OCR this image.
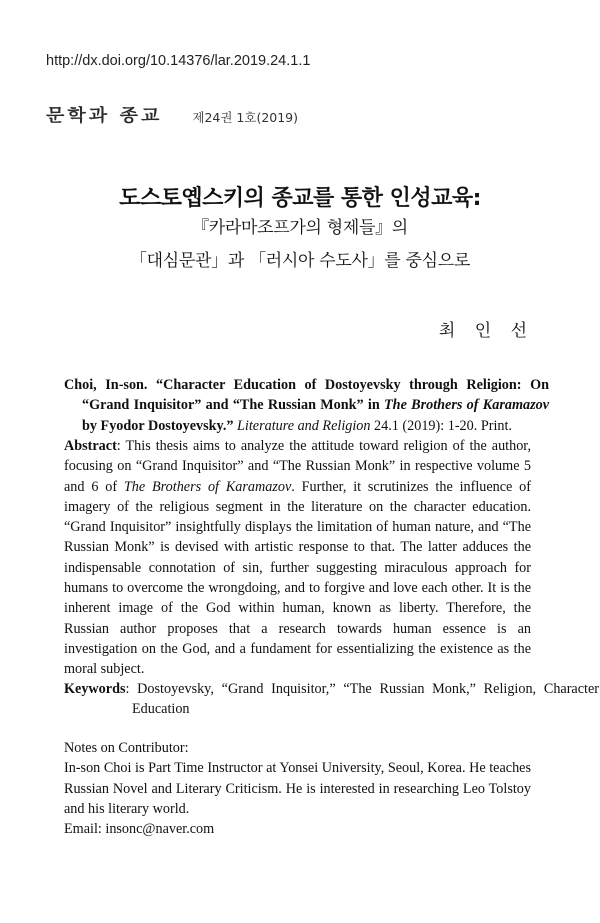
http://dx.doi.org/10.14376/lar.2019.24.1.1
문학과 종교 제24권 1호(2019)
도스토옙스키의 종교를 통한 인성교육:
『카라마조프가의 형제들』의
「대심문관」과 「러시아 수도사」를 중심으로
최 인 선
Choi, In-son. “Character Education of Dostoyevsky through Religion: On “Grand Inquisitor” and “The Russian Monk” in The Brothers of Karamazov by Fyodor Dostoyevsky.” Literature and Religion 24.1 (2019): 1-20. Print.
Abstract: This thesis aims to analyze the attitude toward religion of the author, focusing on “Grand Inquisitor” and “The Russian Monk” in respective volume 5 and 6 of The Brothers of Karamazov. Further, it scrutinizes the influence of imagery of the religious segment in the literature on the character education. “Grand Inquisitor” insightfully displays the limitation of human nature, and “The Russian Monk” is devised with artistic response to that. The latter adduces the indispensable connotation of sin, further suggesting miraculous approach for humans to overcome the wrongdoing, and to forgive and love each other. It is the inherent image of the God within human, known as liberty. Therefore, the Russian author proposes that a research towards human essence is an investigation on the God, and a fundament for essentializing the existence as the moral subject.
Keywords: Dostoyevsky, “Grand Inquisitor,” “The Russian Monk,” Religion, Character Education
Notes on Contributor:
In-son Choi is Part Time Instructor at Yonsei University, Seoul, Korea. He teaches Russian Novel and Literary Criticism. He is interested in researching Leo Tolstoy and his literary world.
Email: insonc@naver.com
